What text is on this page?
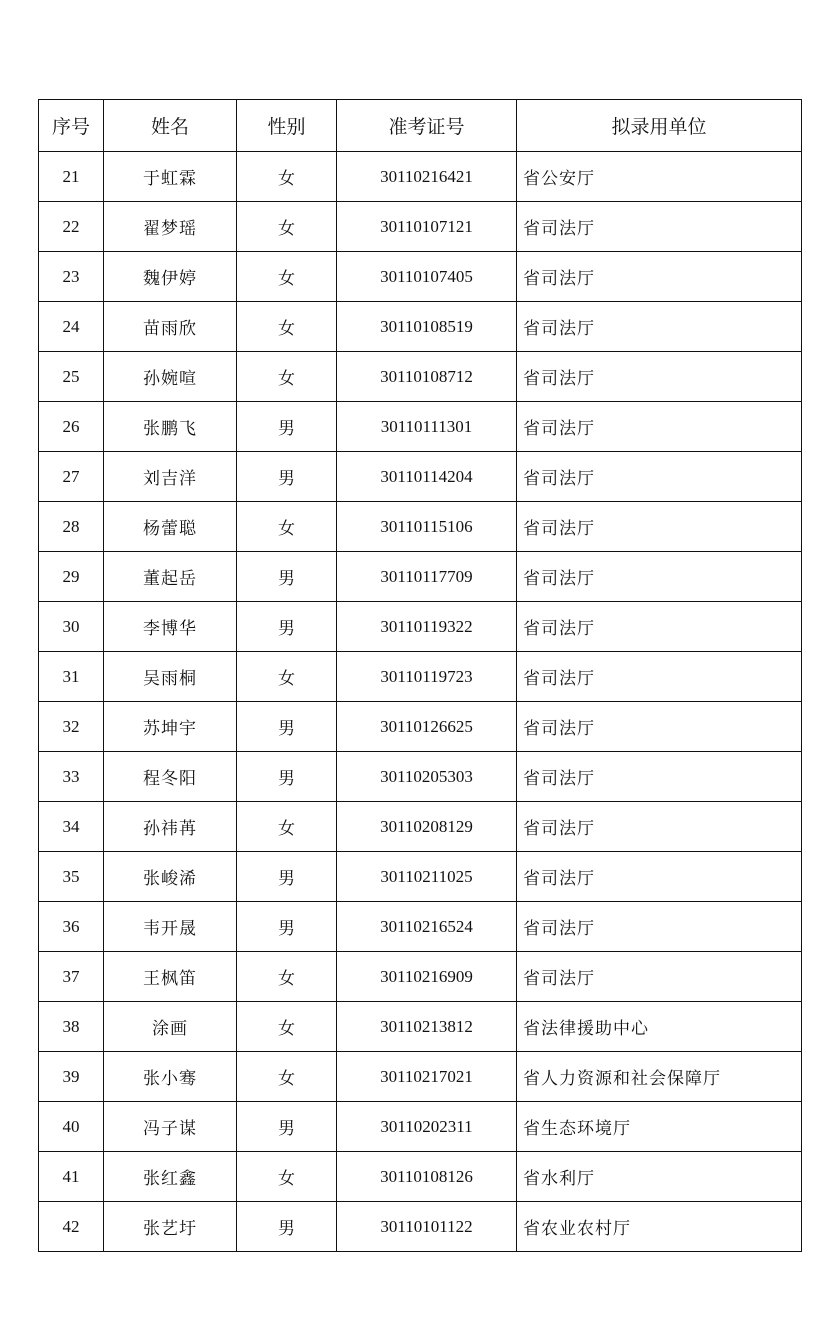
序号	姓名	性别	准考证号	拟录用单位
21	于虹霖	女	30110216421	省公安厅
22	翟梦瑶	女	30110107121	省司法厅
23	魏伊婷	女	30110107405	省司法厅
24	苗雨欣	女	30110108519	省司法厅
25	孙婉喧	女	30110108712	省司法厅
26	张鹏飞	男	30110111301	省司法厅
27	刘吉洋	男	30110114204	省司法厅
28	杨蕾聪	女	30110115106	省司法厅
29	董起岳	男	30110117709	省司法厅
30	李博华	男	30110119322	省司法厅
31	吴雨桐	女	30110119723	省司法厅
32	苏坤宇	男	30110126625	省司法厅
33	程冬阳	男	30110205303	省司法厅
34	孙祎苒	女	30110208129	省司法厅
35	张峻浠	男	30110211025	省司法厅
36	韦开晟	男	30110216524	省司法厅
37	王枫笛	女	30110216909	省司法厅
38	涂画	女	30110213812	省法律援助中心
39	张小骞	女	30110217021	省人力资源和社会保障厅
40	冯子谋	男	30110202311	省生态环境厅
41	张红鑫	女	30110108126	省水利厅
42	张艺圩	男	30110101122	省农业农村厅
